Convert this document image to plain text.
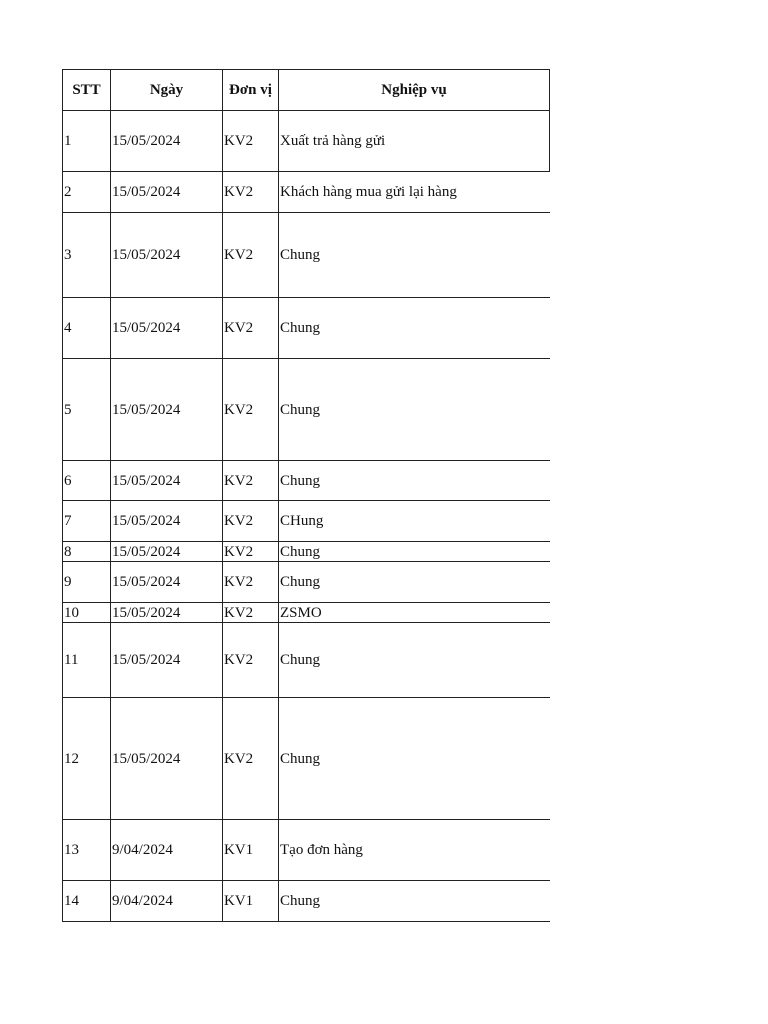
STT	Ngày	Đơn vị	Nghiệp vụ
1	15/05/2024	KV2	Xuất trả hàng gửi
2	15/05/2024	KV2	Khách hàng mua gửi lại hàng
3	15/05/2024	KV2	Chung
4	15/05/2024	KV2	Chung
5	15/05/2024	KV2	Chung
6	15/05/2024	KV2	Chung
7	15/05/2024	KV2	CHung
8	15/05/2024	KV2	Chung
9	15/05/2024	KV2	Chung
10	15/05/2024	KV2	ZSMO
11	15/05/2024	KV2	Chung
12	15/05/2024	KV2	Chung
13	9/04/2024	KV1	Tạo đơn hàng
14	9/04/2024	KV1	Chung
